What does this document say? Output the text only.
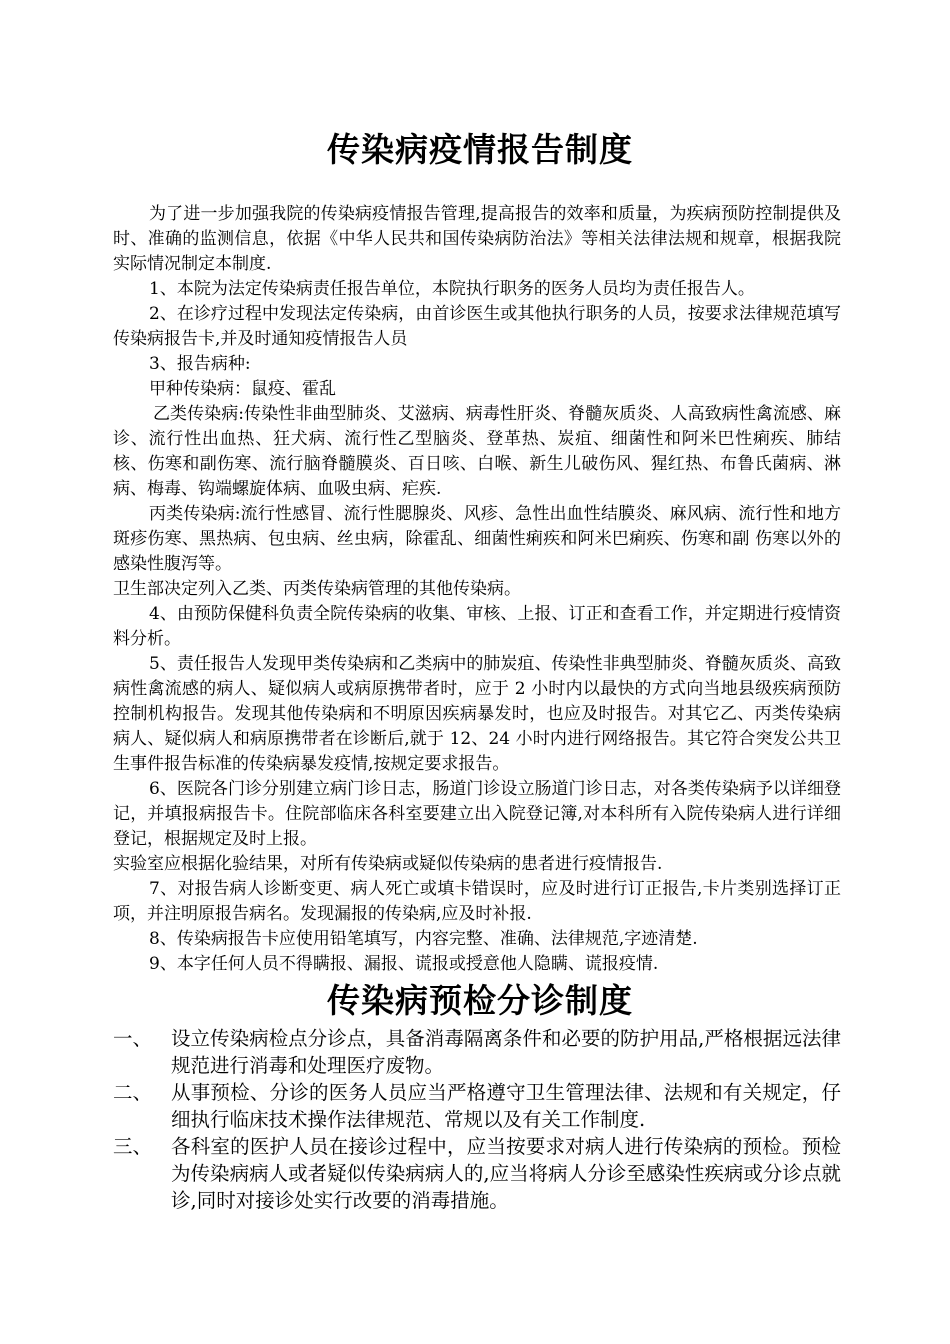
传染病疫情报告制度

为了进一步加强我院的传染病疫情报告管理,提高报告的效率和质量，为疾病预防控制提供及时、准确的监测信息，依据《中华人民共和国传染病防治法》等相关法律法规和规章，根据我院实际情况制定本制度.

1、本院为法定传染病责任报告单位，本院执行职务的医务人员均为责任报告人。

2、在诊疗过程中发现法定传染病，由首诊医生或其他执行职务的人员，按要求法律规范填写传染病报告卡,并及时通知疫情报告人员

3、报告病种:

甲种传染病：鼠疫、霍乱

乙类传染病:传染性非曲型肺炎、艾滋病、病毒性肝炎、脊髓灰质炎、人高致病性禽流感、麻诊、流行性出血热、狂犬病、流行性乙型脑炎、登革热、炭疽、细菌性和阿米巴性痢疾、肺结核、伤寒和副伤寒、流行脑脊髓膜炎、百日咳、白喉、新生儿破伤风、猩红热、布鲁氏菌病、淋病、梅毒、钩端螺旋体病、血吸虫病、疟疾.

丙类传染病:流行性感冒、流行性腮腺炎、风疹、急性出血性结膜炎、麻风病、流行性和地方斑疹伤寒、黑热病、包虫病、丝虫病，除霍乱、细菌性痢疾和阿米巴痢疾、伤寒和副 伤寒以外的感染性腹泻等。

卫生部决定列入乙类、丙类传染病管理的其他传染病。

4、由预防保健科负责全院传染病的收集、审核、上报、订正和查看工作，并定期进行疫情资料分析。

5、责任报告人发现甲类传染病和乙类病中的肺炭疽、传染性非典型肺炎、脊髓灰质炎、高致病性禽流感的病人、疑似病人或病原携带者时，应于 2 小时内以最快的方式向当地县级疾病预防控制机构报告。发现其他传染病和不明原因疾病暴发时，也应及时报告。对其它乙、丙类传染病病人、疑似病人和病原携带者在诊断后,就于 12、24 小时内进行网络报告。其它符合突发公共卫生事件报告标准的传染病暴发疫情,按规定要求报告。

6、医院各门诊分别建立病门诊日志，肠道门诊设立肠道门诊日志，对各类传染病予以详细登记，并填报病报告卡。住院部临床各科室要建立出入院登记簿,对本科所有入院传染病人进行详细登记，根据规定及时上报。

实验室应根据化验结果，对所有传染病或疑似传染病的患者进行疫情报告.

7、对报告病人诊断变更、病人死亡或填卡错误时，应及时进行订正报告,卡片类别选择订正项，并注明原报告病名。发现漏报的传染病,应及时补报.

8、传染病报告卡应使用铅笔填写，内容完整、准确、法律规范,字迹清楚.

9、本字任何人员不得瞒报、漏报、谎报或授意他人隐瞒、谎报疫情.

传染病预检分诊制度
一、 设立传染病检点分诊点，具备消毒隔离条件和必要的防护用品,严格根据远法律规范进行消毒和处理医疗废物。
二、 从事预检、分诊的医务人员应当严格遵守卫生管理法律、法规和有关规定，仔细执行临床技术操作法律规范、常规以及有关工作制度.
三、 各科室的医护人员在接诊过程中，应当按要求对病人进行传染病的预检。预检为传染病病人或者疑似传染病病人的,应当将病人分诊至感染性疾病或分诊点就诊,同时对接诊处实行改要的消毒措施。
